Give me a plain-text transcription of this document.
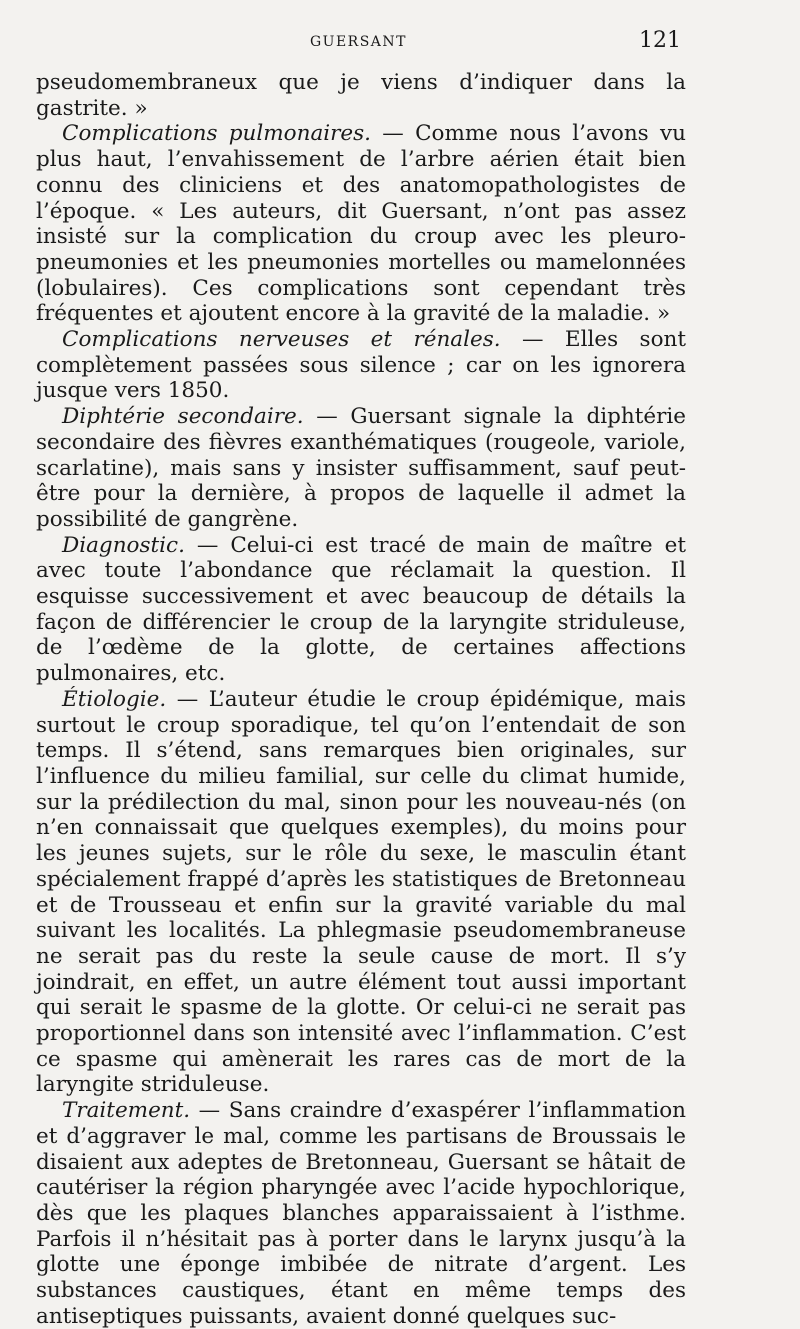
GUERSANT	121

pseudomembraneux que je viens d’indiquer dans la gastrite. »

Complications pulmonaires. — Comme nous l’avons vu plus haut, l’envahissement de l’arbre aérien était bien connu des cliniciens et des anatomopathologistes de l’époque. « Les auteurs, dit Guersant, n’ont pas assez insisté sur la complication du croup avec les pleuro-pneumonies et les pneumonies mortelles ou mamelonnées (lobulaires). Ces complications sont cependant très fréquentes et ajoutent encore à la gravité de la maladie. »

Complications nerveuses et rénales. — Elles sont complètement passées sous silence ; car on les ignorera jusque vers 1850.

Diphtérie secondaire. — Guersant signale la diphtérie secondaire des fièvres exanthématiques (rougeole, variole, scarlatine), mais sans y insister suffisamment, sauf peut-être pour la dernière, à propos de laquelle il admet la possibilité de gangrène.

Diagnostic. — Celui-ci est tracé de main de maître et avec toute l’abondance que réclamait la question. Il esquisse successivement et avec beaucoup de détails la façon de différencier le croup de la laryngite striduleuse, de l’œdème de la glotte, de certaines affections pulmonaires, etc.

Étiologie. — L’auteur étudie le croup épidémique, mais surtout le croup sporadique, tel qu’on l’entendait de son temps. Il s’étend, sans remarques bien originales, sur l’influence du milieu familial, sur celle du climat humide, sur la prédilection du mal, sinon pour les nouveau-nés (on n’en connaissait que quelques exemples), du moins pour les jeunes sujets, sur le rôle du sexe, le masculin étant spécialement frappé d’après les statistiques de Bretonneau et de Trousseau et enfin sur la gravité variable du mal suivant les localités. La phlegmasie pseudomembraneuse ne serait pas du reste la seule cause de mort. Il s’y joindrait, en effet, un autre élément tout aussi important qui serait le spasme de la glotte. Or celui-ci ne serait pas proportionnel dans son intensité avec l’inflammation. C’est ce spasme qui amènerait les rares cas de mort de la laryngite striduleuse.

Traitement. — Sans craindre d’exaspérer l’inflammation et d’aggraver le mal, comme les partisans de Broussais le disaient aux adeptes de Bretonneau, Guersant se hâtait de cautériser la région pharyngée avec l’acide hypochlorique, dès que les plaques blanches apparaissaient à l’isthme. Parfois il n’hésitait pas à porter dans le larynx jusqu’à la glotte une éponge imbibée de nitrate d’argent. Les substances caustiques, étant en même temps des antiseptiques puissants, avaient donné quelques suc-
